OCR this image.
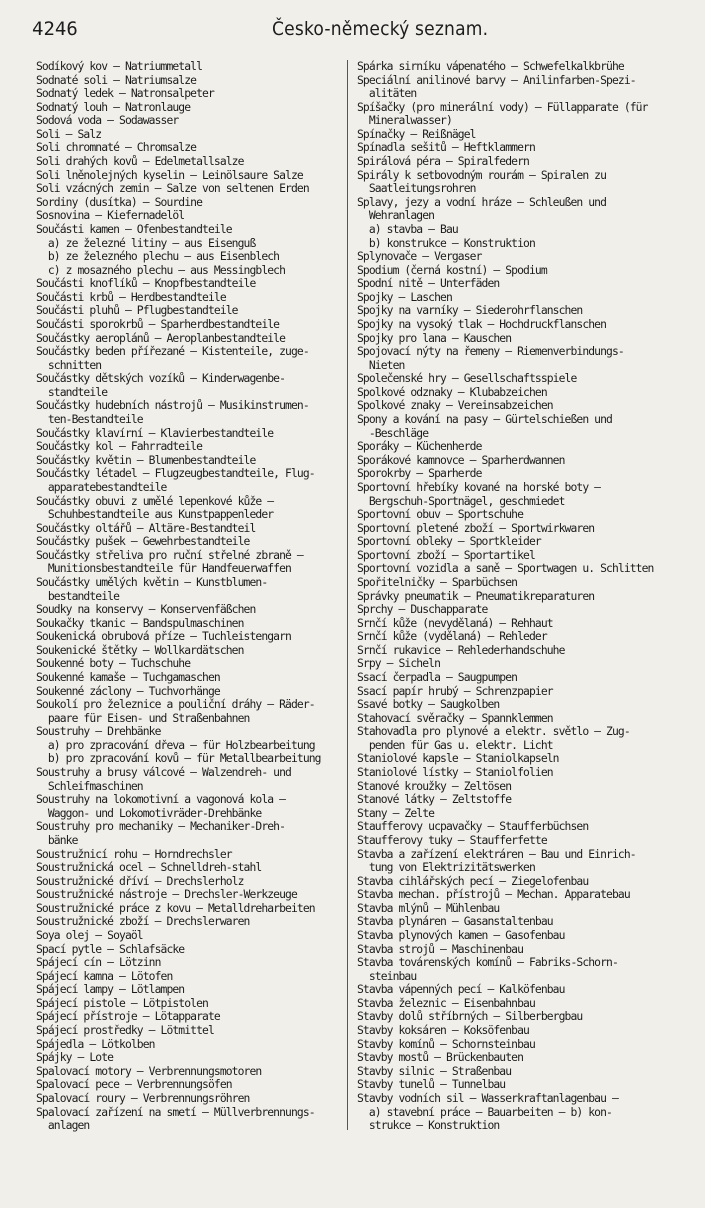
4246	Česko-německý seznam.
Sodíkový kov — Natriummetall
Sodnaté soli — Natriumsalze
Sodnatý ledek — Natronsalpeter
Sodnatý louh — Natronlauge
Sodová voda — Sodawasser
Soli — Salz
Soli chromnaté — Chromsalze
Soli drahých kovů — Edelmetallsalze
Soli lněnolejných kyselin — Leinölsaure Salze
Soli vzácných zemin — Salze von seltenen Erden
Sordiny (dusítka) — Sourdine
Sosnovina — Kiefernadelöl
Součásti kamen — Ofenbestandteile
a) ze železné litiny — aus Eisenguß
b) ze železného plechu — aus Eisenblech
c) z mosazného plechu — aus Messingblech
Součásti knoflíků — Knopfbestandteile
Součásti krbů — Herdbestandteile
Součásti pluhů — Pflugbestandteile
Součásti sporokrbů — Sparherdbestandteile
Součástky aeroplánů — Aeroplanbestandteile
Součástky beden přířezané — Kistenteile, zuge-
schnitten
Součástky dětských vozíků — Kinderwagenbe-
standteile
Součástky hudebních nástrojů — Musikinstrumen-
ten-Bestandteile
Součástky klavírní — Klavierbestandteile
Součástky kol — Fahrradteile
Součástky květin — Blumenbestandteile
Součástky létadel — Flugzeugbestandteile, Flug-
apparatebestandteile
Součástky obuvi z umělé lepenkové kůže —
Schuhbestandteile aus Kunstpappenleder
Součástky oltářů — Altäre-Bestandteil
Součástky pušek — Gewehrbestandteile
Součástky střeliva pro ruční střelné zbraně —
Munitionsbestandteile für Handfeuerwaffen
Součástky umělých květin — Kunstblumen-
bestandteile
Soudky na konservy — Konservenfäßchen
Soukačky tkanic — Bandspulmaschinen
Soukenická obrubová příze — Tuchleistengarn
Soukenické štětky — Wollkardätschen
Soukenné boty — Tuchschuhe
Soukenné kamaše — Tuchgamaschen
Soukenné záclony — Tuchvorhänge
Soukolí pro železnice a pouliční dráhy — Räder-
paare für Eisen- und Straßenbahnen
Soustruhy — Drehbänke
a) pro zpracování dřeva — für Holzbearbeitung
b) pro zpracování kovů — für Metallbearbeitung
Soustruhy a brusy válcové — Walzendreh- und
Schleifmaschinen
Soustruhy na lokomotivní a vagonová kola —
Waggon- und Lokomotivräder-Drehbänke
Soustruhy pro mechaniky — Mechaniker-Dreh-
bänke
Soustružnicí rohu — Horndrechsler
Soustružnická ocel — Schnelldreh-stahl
Soustružnické dříví — Drechslerholz
Soustružnické nástroje — Drechsler-Werkzeuge
Soustružnické práce z kovu — Metalldreharbeiten
Soustružnické zboží — Drechslerwaren
Soya olej — Soyaöl
Spací pytle — Schlafsäcke
Spájecí cín — Lötzinn
Spájecí kamna — Lötofen
Spájecí lampy — Lötlampen
Spájecí pistole — Lötpistolen
Spájecí přístroje — Lötapparate
Spájecí prostředky — Lötmittel
Spájedla — Lötkolben
Spájky — Lote
Spalovací motory — Verbrennungsmotoren
Spalovací pece — Verbrennungsöfen
Spalovací roury — Verbrennungsröhren
Spalovací zařízení na smetí — Müllverbrennungs-
anlagen
Spárka sirníku vápenatého — Schwefelkalkbrühe
Speciální anilinové barvy — Anilinfarben-Spezi-
alitäten
Spíšačky (pro minerální vody) — Füllapparate (für
Mineralwasser)
Spínačky — Reißnägel
Spínadla sešitů — Heftklammern
Spirálová péra — Spiralfedern
Spirály k setbovodným rourám — Spiralen zu
Saatleitungsrohren
Splavy, jezy a vodní hráze — Schleußen und
Wehranlagen
a) stavba — Bau
b) konstrukce — Konstruktion
Splynovače — Vergaser
Spodium (černá kostní) — Spodium
Spodní nitě — Unterfäden
Spojky — Laschen
Spojky na varníky — Siederohrflanschen
Spojky na vysoký tlak — Hochdruckflanschen
Spojky pro lana — Kauschen
Spojovací nýty na řemeny — Riemenverbindungs-
Nieten
Společenské hry — Gesellschaftsspiele
Spolkové odznaky — Klubabzeichen
Spolkové znaky — Vereinsabzeichen
Spony a kování na pasy — Gürtelschießen und
-Beschläge
Sporáky — Küchenherde
Sporákové kamnovce — Sparherdwannen
Sporokrby — Sparherde
Sportovní hřebíky kované na horské boty —
Bergschuh-Sportnägel, geschmiedet
Sportovní obuv — Sportschuhe
Sportovní pletené zboží — Sportwirkwaren
Sportovní obleky — Sportkleider
Sportovní zboží — Sportartikel
Sportovní vozidla a saně — Sportwagen u. Schlitten
Spořitelničky — Sparbüchsen
Správky pneumatik — Pneumatikreparaturen
Sprchy — Duschapparate
Srnčí kůže (nevydělaná) — Rehhaut
Srnčí kůže (vydělaná) — Rehleder
Srnčí rukavice — Rehlederhandschuhe
Srpy — Sicheln
Ssací čerpadla — Saugpumpen
Ssací papír hrubý — Schrenzpapier
Ssavé botky — Saugkolben
Stahovací svěračky — Spannklemmen
Stahovadla pro plynové a elektr. světlo — Zug-
penden für Gas u. elektr. Licht
Staniolové kapsle — Staniolkapseln
Staniolové lístky — Staniolfolien
Stanové kroužky — Zeltösen
Stanové látky — Zeltstoffe
Stany — Zelte
Staufferovy ucpavačky — Staufferbüchsen
Staufferovy tuky — Staufferfette
Stavba a zařízení elektráren — Bau und Einrich-
tung von Elektrizitätswerken
Stavba cihlářských pecí — Ziegelofenbau
Stavba mechan. přístrojů — Mechan. Apparatebau
Stavba mlýnů — Mühlenbau
Stavba plynáren — Gasanstaltenbau
Stavba plynových kamen — Gasofenbau
Stavba strojů — Maschinenbau
Stavba továrenských komínů — Fabriks-Schorn-
steinbau
Stavba vápenných pecí — Kalköfenbau
Stavba železnic — Eisenbahnbau
Stavby dolů stříbrných — Silberbergbau
Stavby koksáren — Koksöfenbau
Stavby komínů — Schornsteinbau
Stavby mostů — Brückenbauten
Stavby silnic — Straßenbau
Stavby tunelů — Tunnelbau
Stavby vodních sil — Wasserkraftanlagenbau —
a) stavební práce — Bauarbeiten — b) kon-
strukce — Konstruktion
